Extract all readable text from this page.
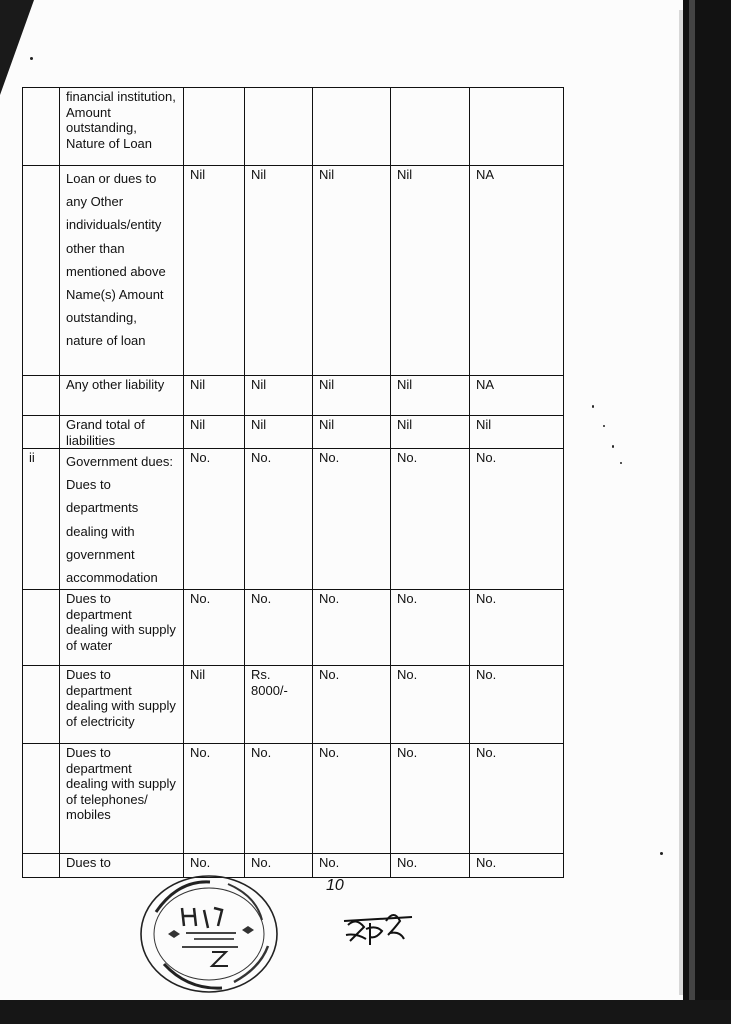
	financial institution, Amount outstanding, Nature of Loan					
	Loan or dues to any Other individuals/entity other than mentioned above Name(s) Amount outstanding, nature of loan	Nil	Nil	Nil	Nil	NA
	Any other liability	Nil	Nil	Nil	Nil	NA
	Grand total of liabilities	Nil	Nil	Nil	Nil	Nil
ii	Government dues: Dues to departments dealing with government accommodation	No.	No.	No.	No.	No.
	Dues to department dealing with supply of water	No.	No.	No.	No.	No.
	Dues to department dealing with supply of electricity	Nil	Rs. 8000/-	No.	No.	No.
	Dues to department dealing with supply of telephones/ mobiles	No.	No.	No.	No.	No.
	Dues to	No.	No.	No.	No.	No.
10
